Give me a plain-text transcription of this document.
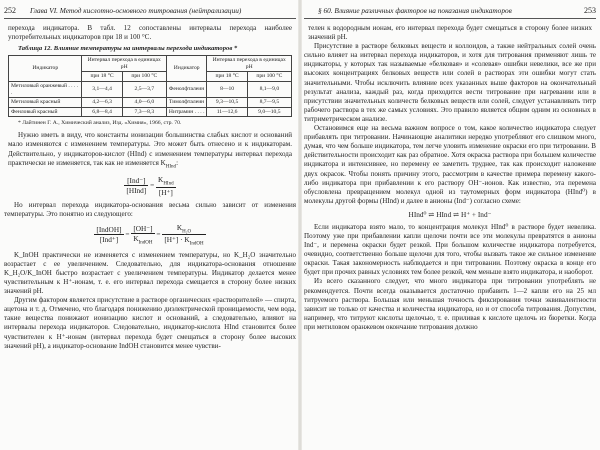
252 Глава VI. Метод кислотно-основного титрования (нейтрализации)

перехода индикатора. В табл. 12 сопоставлены интервалы перехода наиболее употребительных индикаторов при 18 и 100 °С.

Таблица 12. Влияние температуры на интервалы перехода индикаторов *
Индикатор	Интервал перехода в единицах pH		Индикатор	Интервал перехода в единицах pH	
	при 18 °С	при 100 °С		при 18 °С	при 100 °С
Метиловый оранжевый . . . . .	3,1—4,4	2,5—3,7	Фенолфталеин	8—10	8,1—9,0
Метиловый красный	4,2—6,3	4,0—6,0	Тимолфталеин	9,3—10,5	8,7—9,5
Фенловый красный	6,8—8,4	7,3—8,3	Нитрамин . . . .	11—12,6	9,0—10,5
* Лайтинен Г. А., Химический анализ, Изд. «Химия», 1966, стр. 70.

Нужно иметь в виду, что константы ионизации большинства слабых кислот и оснований мало изменяются с изменением температуры. Это может быть отнесено и к индикаторам. Действительно, у индикаторов-кислот (HInd) с изменением температуры интервал перехода практически не изменяется, так как не изменяется $K_{HInd}$:

$\frac{\text{[Ind⁻]}}{\text{[HInd]}} = \frac{K_{HInd}}{[H^+]}$

Но интервал перехода индикатора-основания весьма сильно зависит от изменения температуры. Это понятно из следующего:

$\frac{\text{[IndOH]}}{\text{[Ind⁺]}} = \frac{[OH^-]}{K_{IndOH}} = \frac{K_{H_2O}}{[H^+] \cdot K_{IndOH}}$

K_InOH практически не изменяется с изменением температуры, но K_H₂O значительно возрастает с ее увеличением. Следовательно, для индикатора-основания отношение K_H₂O/K_InOH быстро возрастает с увеличением температуры. Индикатор делается менее чувствительным к H⁺-ионам, т. е. его интервал перехода смещается в сторону более низких значений pH.

Другим фактором является присутствие в растворе органических «растворителей» — спирта, ацетона и т. д. Отмечено, что благодаря понижению диэлектрической проницаемости, чем вода, такие вещества понижают ионизацию кислот и оснований, а следовательно, влияют на интервалы перехода индикаторов. Следовательно, индикатор-кислота HInd становится более чувствителен к H⁺-ионам (интервал перехода будет смещаться в сторону более высоких значений pH), а индикатор-основание IndOH становится менее чувстви-

§ 60. Влияние различных факторов на показания индикаторов	253

телен к водородным ионам, его интервал перехода будет смещаться в сторону более низких значений pH.

Присутствие в растворе белковых веществ и коллоидов, а также нейтральных солей очень сильно влияет на интервал перехода индикаторов, и хотя для титрования применяют лишь те индикаторы, у которых так называемые «белковая» и «солевая» ошибки невелики, все же при высоких концентрациях белковых веществ или солей в растворах эти ошибки могут стать значительными. Чтобы исключить влияние всех указанных выше факторов на окончательный результат анализа, каждый раз, когда приходится вести титрование при нагревании или в присутствии значительных количеств белковых веществ или солей, следует устанавливать титр рабочего раствора в тех же самых условиях. Это правило является общим одним из основных в титриметрическом анализе.

Остановимся еще на весьма важном вопросе о том, какое количество индикатора следует прибавлять при титровании. Начинающие аналитики нередко употребляют его слишком много, думая, что чем больше индикатора, тем легче уловить изменение окраски его при титровании. В действительности происходит как раз обратное. Хотя окраска раствора при большем количестве индикатора и интенсивнее, но перемену ее заметить труднее, так как происходит наложение двух окрасок. Чтобы понять причину этого, рассмотрим в качестве примера перемену какого-либо индикатора при прибавлении к его раствору OH⁻-ионов. Как известно, эта перемена обусловлена превращением молекул одной из таутомерных форм индикатора (HInd⁰) в молекулы другой формы (HInd) и далее в анионы (Ind⁻) согласно схеме:

HInd⁰ ⇌ HInd ⇌ H⁺ + Ind⁻

Если индикатора взято мало, то концентрация молекул HInd⁰ в растворе будет невелика. Поэтому уже при прибавлении капли щелочи почти все эти молекулы превратятся в анионы Ind⁻, и перемена окраски будет резкой. При большом количестве индикатора потребуется, очевидно, соответственно больше щелочи для того, чтобы вызвать такое же сильное изменение окраски. Такая закономерность наблюдается и при титровании. Поэтому окраска в конце его будет при прочих равных условиях тем более резкой, чем меньше взято индикатора, и наоборот.

Из всего сказанного следует, что много индикатора при титровании употреблять не рекомендуется. Почти всегда оказывается достаточно прибавить 1—2 капли его на 25 мл титруемого раствора. Большая или меньшая точность фиксирования точки эквивалентности зависит не только от качества и количества индикатора, но и от способа титрования. Допустим, например, что титруют кислоты щелочью, т. е. приливая к кислоте щелочь из бюретки. Когда при метиловом оранжевом окончание титрования должно
